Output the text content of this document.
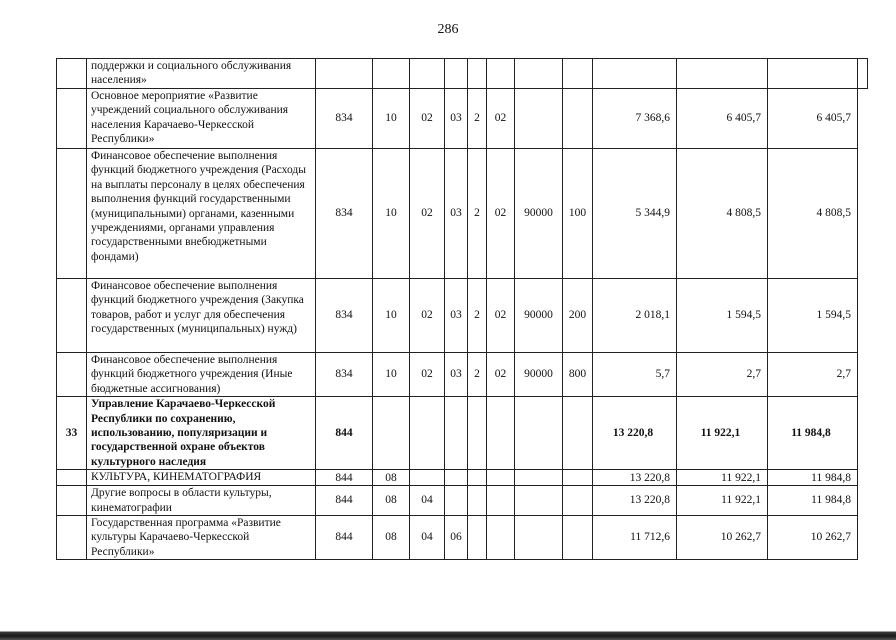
286
	поддержки и социального обслуживания населения»												
	Основное мероприятие «Развитие учреждений социального обслуживания населения Карачаево-Черкесской Республики»	834	10	02	03	2	02			7 368,6	6 405,7	6 405,7	
	Финансовое обеспечение выполнения функций бюджетного учреждения (Расходы на выплаты персоналу в целях обеспечения выполнения функций государственными (муниципальными) органами, казенными учреждениями, органами управления государственными внебюджетными фондами)	834	10	02	03	2	02	90000	100	5 344,9	4 808,5	4 808,5	
	Финансовое обеспечение выполнения функций бюджетного учреждения (Закупка товаров, работ и услуг для обеспечения государственных (муниципальных) нужд)	834	10	02	03	2	02	90000	200	2 018,1	1 594,5	1 594,5	
	Финансовое обеспечение выполнения функций бюджетного учреждения (Иные бюджетные ассигнования)	834	10	02	03	2	02	90000	800	5,7	2,7	2,7	
33	Управление Карачаево-Черкесской Республики по сохранению, использованию, популяризации и государственной охране объектов культурного наследия	844								13 220,8	11 922,1	11 984,8	
	КУЛЬТУРА, КИНЕМАТОГРАФИЯ	844	08							13 220,8	11 922,1	11 984,8	
	Другие вопросы в области культуры, кинематографии	844	08	04						13 220,8	11 922,1	11 984,8	
	Государственная программа «Развитие культуры Карачаево-Черкесской Республики»	844	08	04	06					11 712,6	10 262,7	10 262,7	
